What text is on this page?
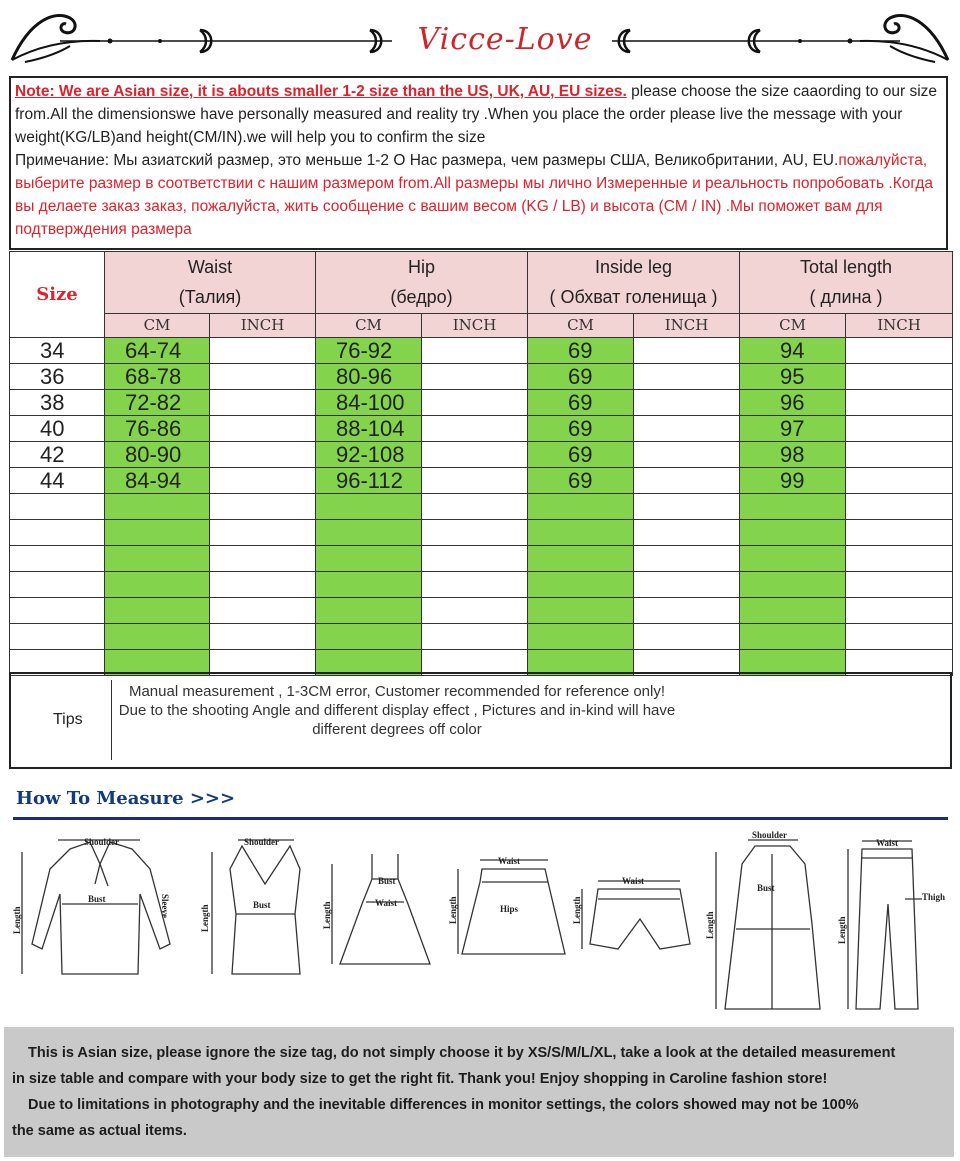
Vicce-Love

Note: We are Asian size, it is abouts smaller 1-2 size than the US, UK, AU, EU sizes. please choose the size caaording to our size from.All the dimensionswe have personally measured and reality try .When you place the order please live the message with your weight(KG/LB)and height(CM/IN).we will help you to confirm the size

Примечание: Мы азиатский размер, это меньше 1-2 О Нас размера, чем размеры США, Великобритании, AU, EU.пожалуйста, выберите размер в соответствии с нашим размером from.All размеры мы лично Измеренные и реальность попробовать .Когда вы делаете заказ заказ, пожалуйста, жить сообщение с вашим весом (KG / LB) и высота (CM / IN) .Мы поможет вам для подтверждения размера

Size	Waist
(Талия)		Hip
(бедро)		Inside leg
( Обхват голенища )		Total length
( длина )	

	CM	INCH	CM	INCH	CM	INCH	CM	INCH
34	64-74		76-92		69		94	
36	68-78		80-96		69		95	
38	72-82		84-100		69		96	
40	76-86		88-104		69		97	
42	80-90		92-108		69		98	
44	84-94		96-112		69		99	

Tips
Manual measurement , 1-3CM error, Customer recommended for reference only!
Due to the shooting Angle and different display effect , Pictures and in-kind will have different degrees off color
How To Measure >>>
Shoulder
Bust
Length
Sleeve
Shoulder
Bust
Length
Bust
Waist
Length
Waist
Hips
Length
Waist
Length
Shoulder
Bust
Length
Waist
Thigh
Length

This is Asian size, please ignore the size tag, do not simply choose it by XS/S/M/L/XL, take a look at the detailed measurement

in size table and compare with your body size to get the right fit. Thank you! Enjoy shopping in Caroline fashion store!

Due to limitations in photography and the inevitable differences in monitor settings, the colors showed may not be 100%

the same as actual items.
